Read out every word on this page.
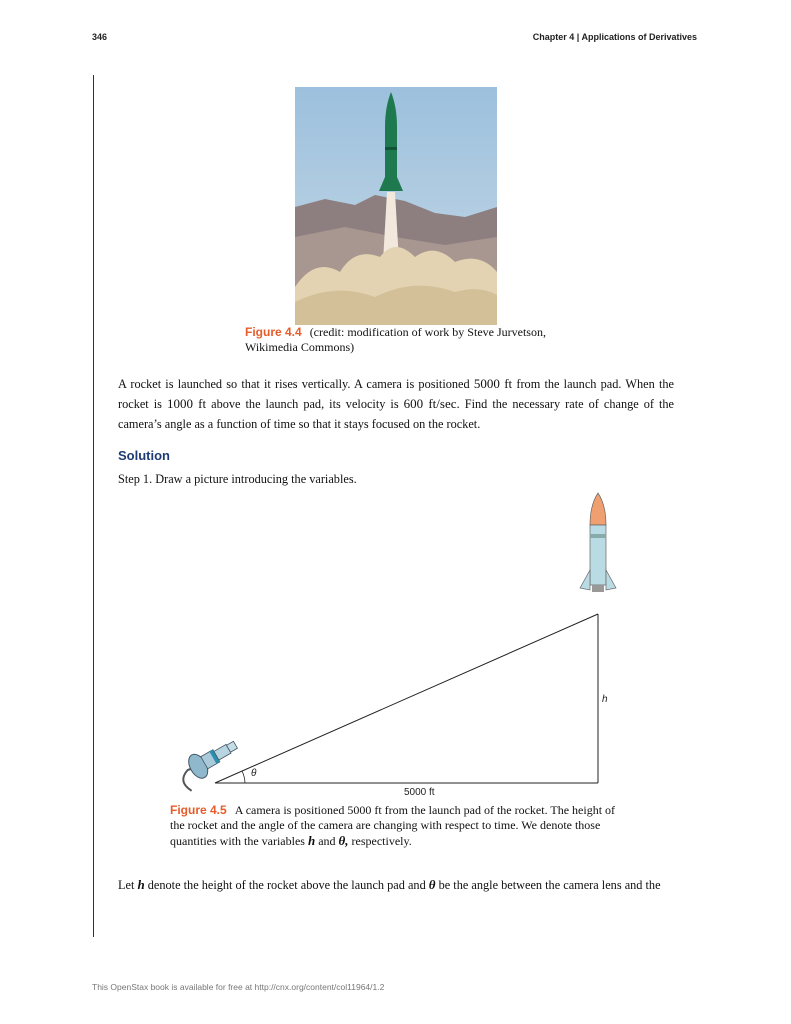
346	Chapter 4 | Applications of Derivatives
Figure 4.4 (credit: modification of work by Steve Jurvetson, Wikimedia Commons)
A rocket is launched so that it rises vertically. A camera is positioned 5000 ft from the launch pad. When the rocket is 1000 ft above the launch pad, its velocity is 600 ft/sec. Find the necessary rate of change of the camera’s angle as a function of time so that it stays focused on the rocket.
Solution
Step 1. Draw a picture introducing the variables.
h
θ
5000 ft
Figure 4.5 A camera is positioned 5000 ft from the launch pad of the rocket. The height of the rocket and the angle of the camera are changing with respect to time. We denote those quantities with the variables h and θ, respectively.
Let h denote the height of the rocket above the launch pad and θ be the angle between the camera lens and the
This OpenStax book is available for free at http://cnx.org/content/col11964/1.2
